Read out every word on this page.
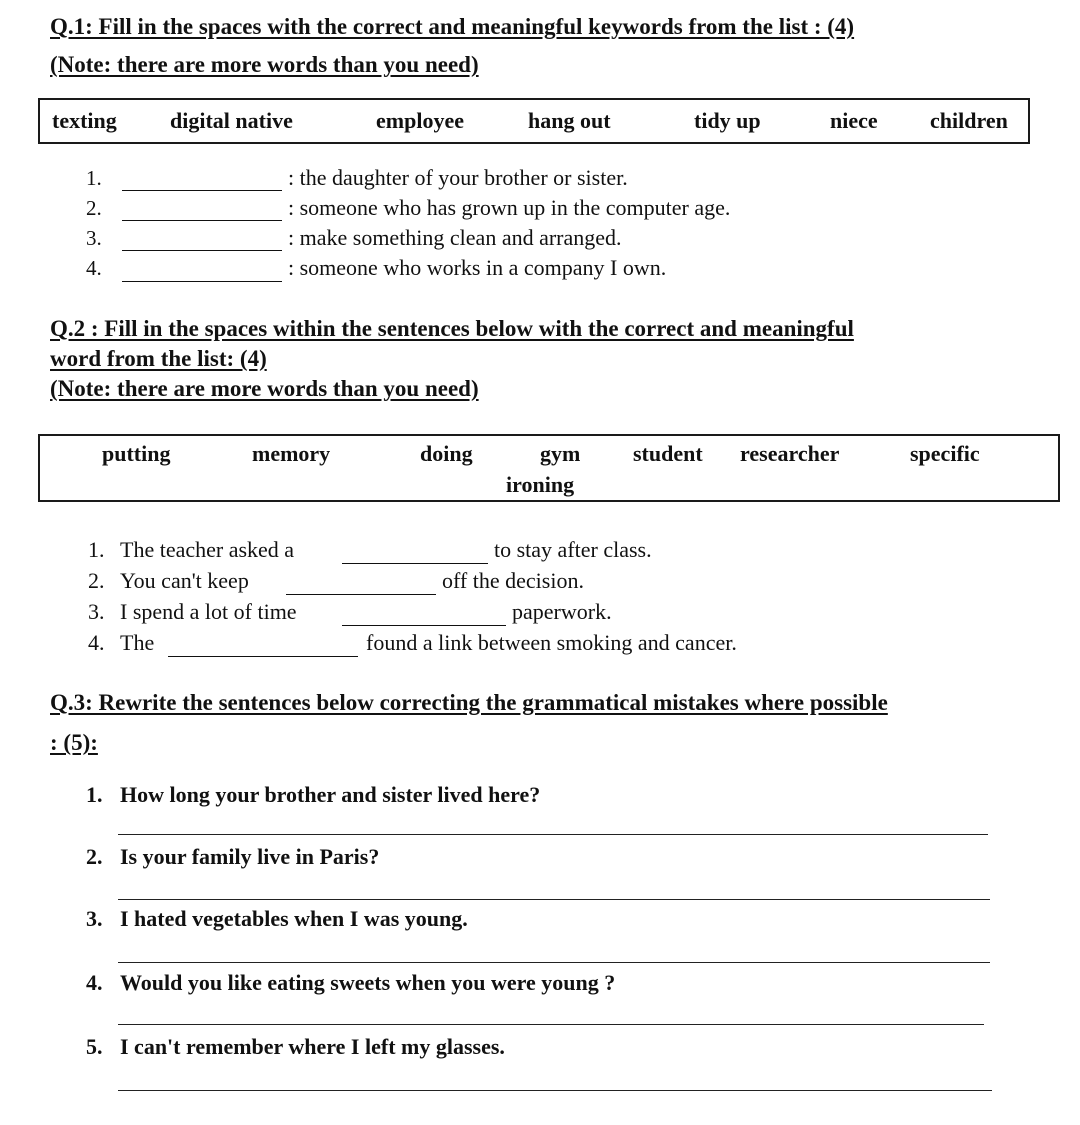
Q.1: Fill in the spaces with the correct and meaningful keywords from the list : (4)
(Note: there are more words than you need)
texting digital native	employee	hang out	tidy up	niece children
1.	: the daughter of your brother or sister.
2.	: someone who has grown up in the computer age.
3.	: make something clean and arranged.
4.	: someone who works in a company I own.
Q.2 : Fill in the spaces within the sentences below with the correct and meaningful
word from the list: (4)
(Note: there are more words than you need)
putting	memory	doing	gym
ironing
student researcher	specific
1. The teacher asked a	to stay after class.
2. You can't keep	off the decision.
3. I spend a lot of time	paperwork.
4. The	found a link between smoking and cancer.
Q.3: Rewrite the sentences below correcting the grammatical mistakes where possible
: (5):
1. How long your brother and sister lived here?
2. Is your family live in Paris?
3. I hated vegetables when I was young.
4. Would you like eating sweets when you were young ?
5. I can't remember where I left my glasses.
